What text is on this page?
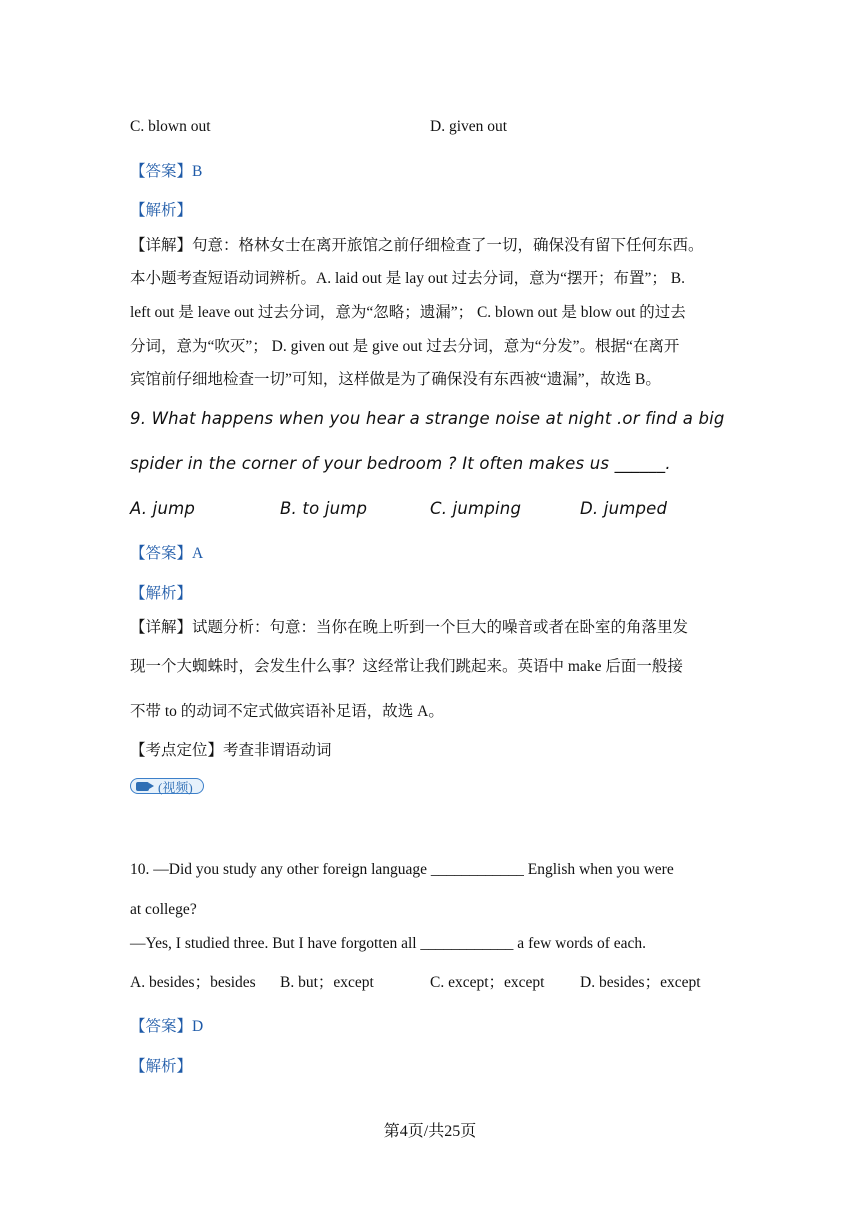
C. blown out	D. given out
【答案】B
【解析】
【详解】句意：格林女士在离开旅馆之前仔细检查了一切，确保没有留下任何东西。
本小题考查短语动词辨析。A. laid out 是 lay out 过去分词，意为“摆开；布置”； B.
left out 是 leave out 过去分词，意为“忽略；遗漏”； C. blown out 是 blow out 的过去
分词，意为“吹灭”； D. given out 是 give out 过去分词，意为“分发”。根据“在离开
宾馆前仔细地检查一切”可知，这样做是为了确保没有东西被“遗漏”，故选 B。
9. What happens when you hear a strange noise at night .or find a big
spider in the corner of your bedroom ? It often makes us ______.
A. jump	B. to jump	C. jumping	D. jumped
【答案】A
【解析】
【详解】试题分析：句意：当你在晚上听到一个巨大的噪音或者在卧室的角落里发
现一个大蜘蛛时，会发生什么事？这经常让我们跳起来。英语中 make 后面一般接
不带 to 的动词不定式做宾语补足语，故选 A。
【考点定位】考查非谓语动词
(视频)
10. —Did you study any other foreign language ____________ English when you were
at college?
—Yes, I studied three. But I have forgotten all ____________ a few words of each.
A. besides；besides B. but；except	C. except；except D. besides；except
【答案】D
【解析】
第4页/共25页
